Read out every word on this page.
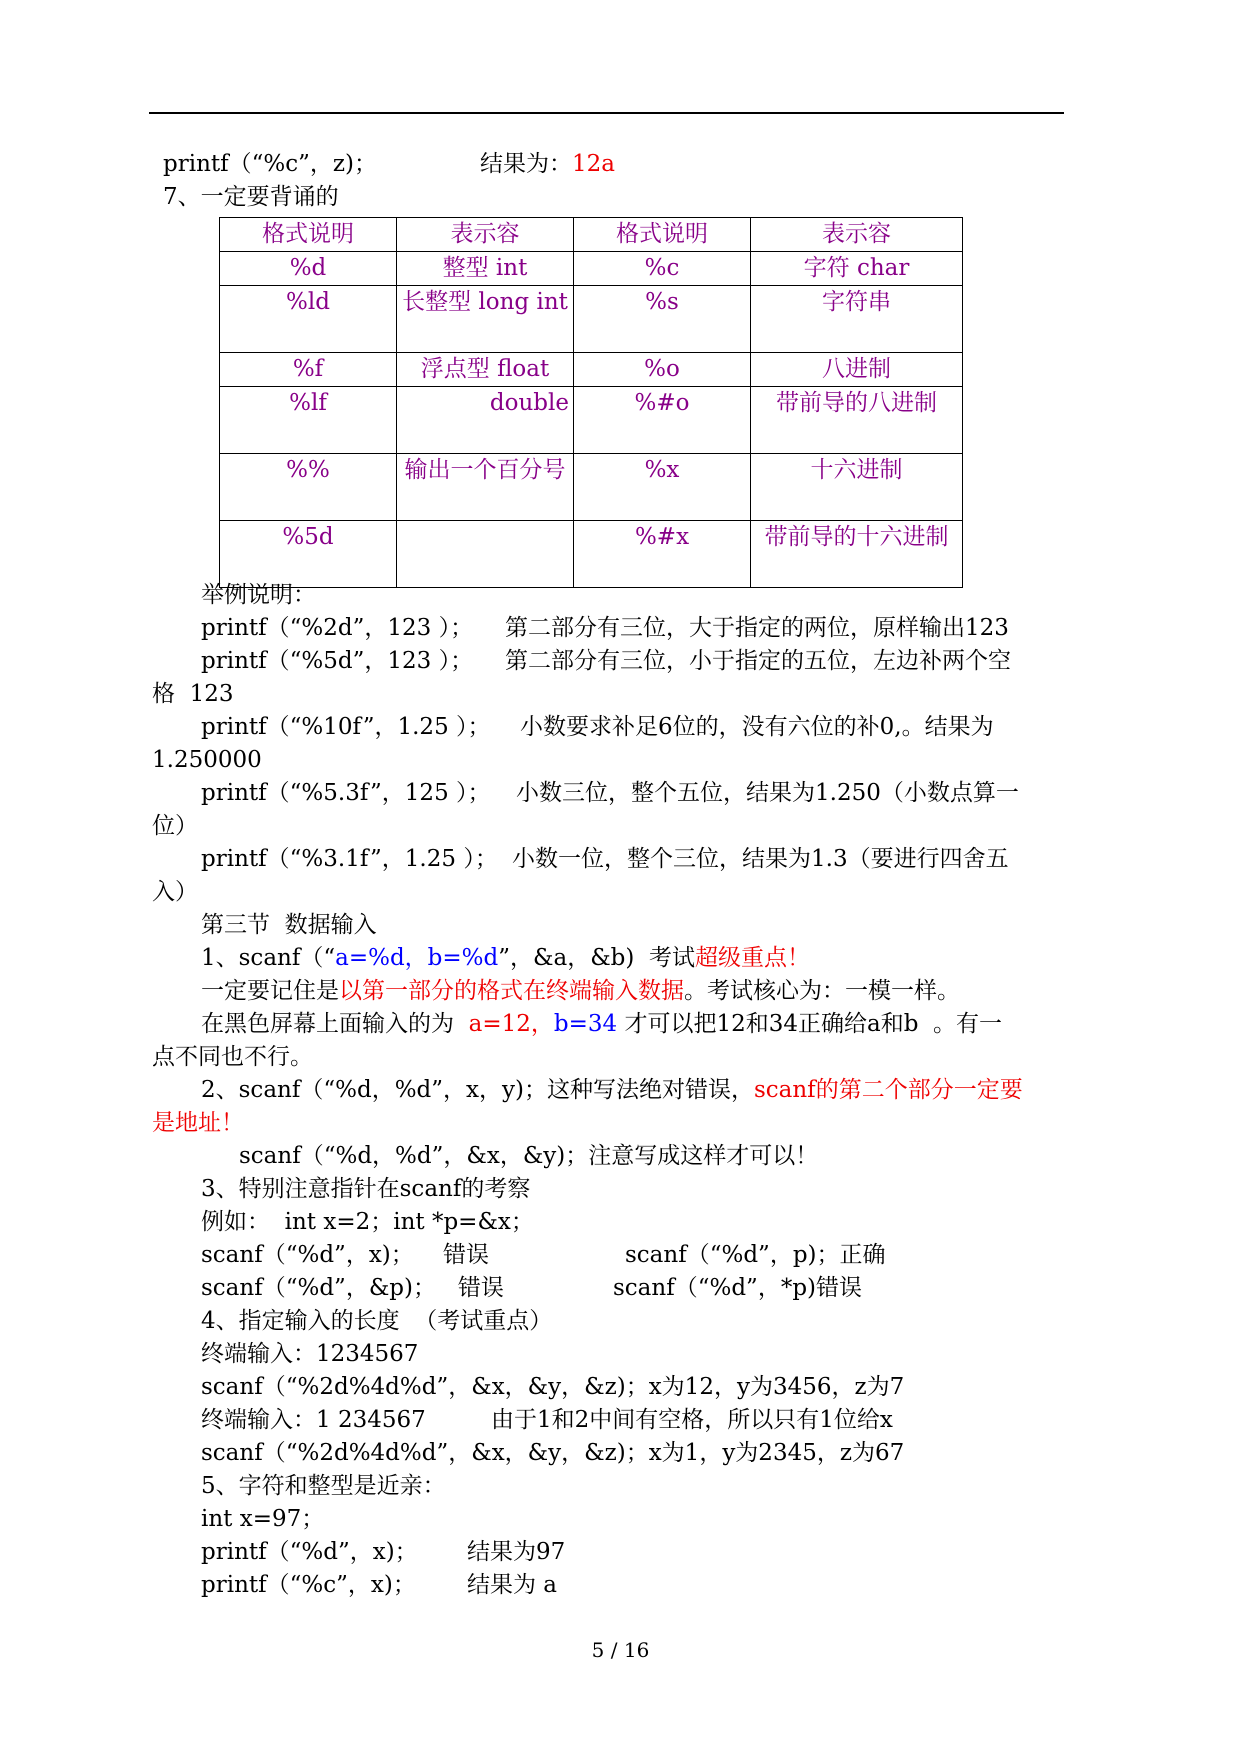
printf（“%c”，z)；	结果为：12a
7、一定要背诵的
格式说明	表示容	格式说明	表示容
%d	整型 int	%c	字符 char
%ld	长整型 long int	%s	字符串
%f	浮点型 float	%o	八进制
%lf	double	%#o	带前导的八进制
%%	输出一个百分号	%x	十六进制
%5d		%#x	带前导的十六进制
举例说明：
printf（“%2d”，123 ）； 第二部分有三位，大于指定的两位，原样输出123
printf（“%5d”，123 ）； 第二部分有三位，小于指定的五位，左边补两个空
格  123
printf（“%10f”，1.25 ）； 小数要求补足6位的，没有六位的补0,。结果为
1.250000
printf（“%5.3f”，125 ）； 小数三位，整个五位，结果为1.250（小数点算一
位）
printf（“%3.1f”，1.25 ）； 小数一位，整个三位，结果为1.3（要进行四舍五
入）
第三节  数据输入
1、scanf（“a=%d，b=%d”，&a，&b)  考试超级重点！
一定要记住是以第一部分的格式在终端输入数据。考试核心为：一模一样。
在黑色屏幕上面输入的为  a=12，b=34 才可以把12和34正确给a和b  。有一
点不同也不行。
2、scanf（“%d，%d”，x，y)；这种写法绝对错误，scanf的第二个部分一定要
是地址！
scanf（“%d，%d”，&x，&y)；注意写成这样才可以！
3、特别注意指针在scanf的考察
例如：  int x=2；int *p=&x；
scanf（“%d”，x)；    错误	scanf（“%d”，p)；正确
scanf（“%d”，&p)；   错误	scanf（“%d”，*p)错误
4、指定输入的长度  （考试重点）
终端输入：1234567
scanf（“%2d%4d%d”，&x，&y，&z)；x为12，y为3456，z为7
终端输入：1 234567	由于1和2中间有空格，所以只有1位给x
scanf（“%2d%4d%d”，&x，&y，&z)；x为1，y为2345，z为67
5、字符和整型是近亲：
int x=97；
printf（“%d”，x)； 结果为97
printf（“%c”，x)； 结果为 a
5 / 16
